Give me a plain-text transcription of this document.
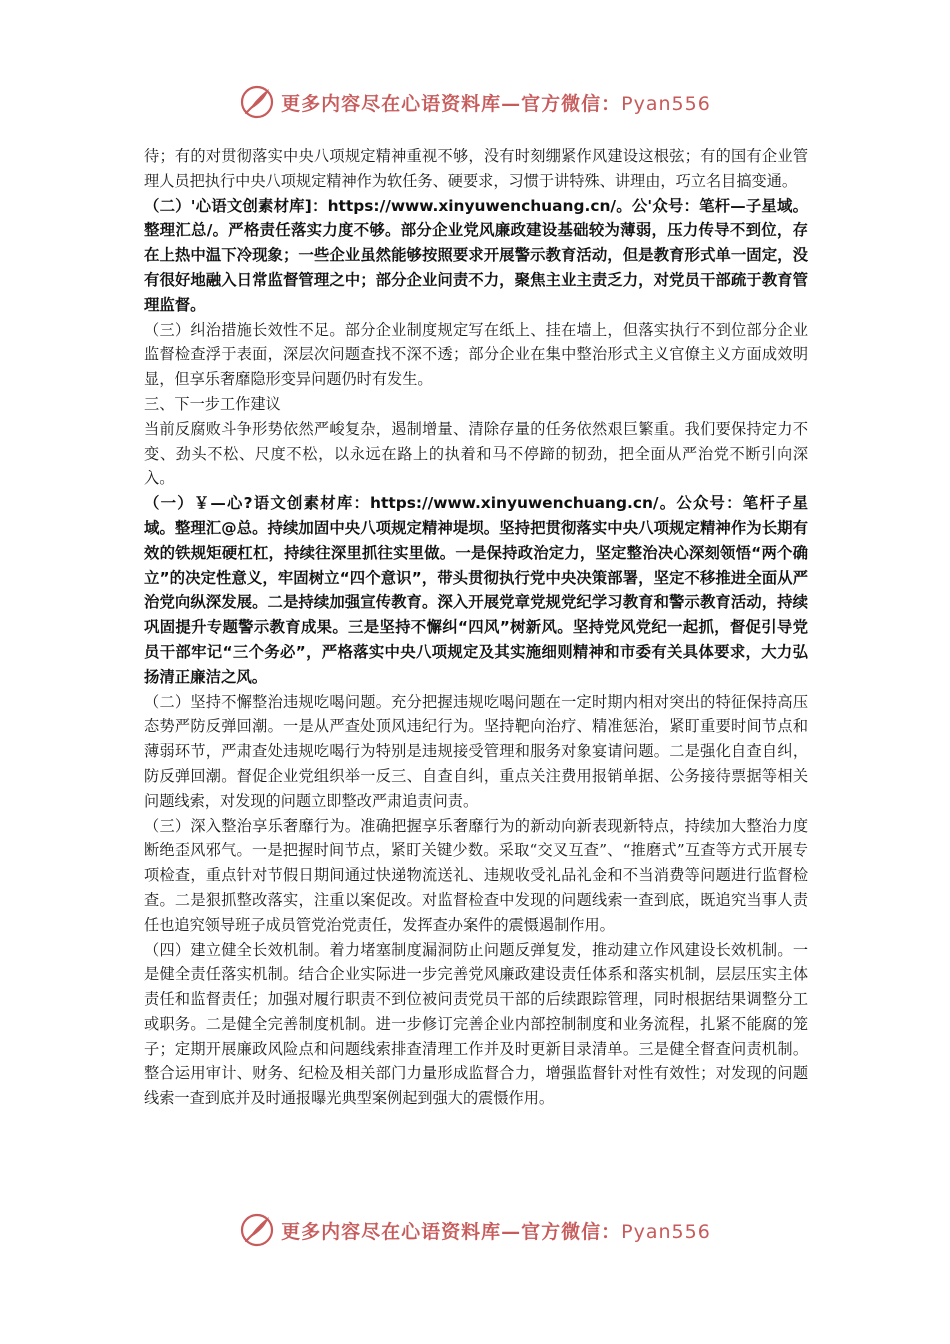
更多内容尽在心语资料库—官方微信：Pyan556

待；有的对贯彻落实中央八项规定精神重视不够，没有时刻绷紧作风建设这根弦；有的国有企业管理人员把执行中央八项规定精神作为软任务、硬要求，习惯于讲特殊、讲理由，巧立名目搞变通。

（二）'心语文创素材库]：https://www.xinyuwenchuang.cn/。公'众号：笔杆—子星域。整理汇总/。严格责任落实力度不够。部分企业党风廉政建设基础较为薄弱，压力传导不到位，存在上热中温下冷现象；一些企业虽然能够按照要求开展警示教育活动，但是教育形式单一固定，没有很好地融入日常监督管理之中；部分企业问责不力，聚焦主业主责乏力，对党员干部疏于教育管理监督。

（三）纠治措施长效性不足。部分企业制度规定写在纸上、挂在墙上，但落实执行不到位部分企业监督检查浮于表面，深层次问题查找不深不透；部分企业在集中整治形式主义官僚主义方面成效明显，但享乐奢靡隐形变异问题仍时有发生。

三、下一步工作建议

当前反腐败斗争形势依然严峻复杂，遏制增量、清除存量的任务依然艰巨繁重。我们要保持定力不变、劲头不松、尺度不松，以永远在路上的执着和马不停蹄的韧劲，把全面从严治党不断引向深入。

（一）￥—心?语文创素材库：https://www.xinyuwenchuang.cn/。公众号：笔杆子星域。整理汇@总。持续加固中央八项规定精神堤坝。坚持把贯彻落实中央八项规定精神作为长期有效的铁规矩硬杠杠，持续往深里抓往实里做。一是保持政治定力，坚定整治决心深刻领悟“两个确立”的决定性意义，牢固树立“四个意识”，带头贯彻执行党中央决策部署，坚定不移推进全面从严治党向纵深发展。二是持续加强宣传教育。深入开展党章党规党纪学习教育和警示教育活动，持续巩固提升专题警示教育成果。三是坚持不懈纠“四风”树新风。坚持党风党纪一起抓，督促引导党员干部牢记“三个务必”，严格落实中央八项规定及其实施细则精神和市委有关具体要求，大力弘扬清正廉洁之风。

（二）坚持不懈整治违规吃喝问题。充分把握违规吃喝问题在一定时期内相对突出的特征保持高压态势严防反弹回潮。一是从严查处顶风违纪行为。坚持靶向治疗、精准惩治，紧盯重要时间节点和薄弱环节，严肃查处违规吃喝行为特别是违规接受管理和服务对象宴请问题。二是强化自查自纠，防反弹回潮。督促企业党组织举一反三、自查自纠，重点关注费用报销单据、公务接待票据等相关问题线索，对发现的问题立即整改严肃追责问责。

（三）深入整治享乐奢靡行为。准确把握享乐奢靡行为的新动向新表现新特点，持续加大整治力度断绝歪风邪气。一是把握时间节点，紧盯关键少数。采取“交叉互查”、“推磨式”互查等方式开展专项检查，重点针对节假日期间通过快递物流送礼、违规收受礼品礼金和不当消费等问题进行监督检查。二是狠抓整改落实，注重以案促改。对监督检查中发现的问题线索一查到底，既追究当事人责任也追究领导班子成员管党治党责任，发挥查办案件的震慑遏制作用。

（四）建立健全长效机制。着力堵塞制度漏洞防止问题反弹复发，推动建立作风建设长效机制。一是健全责任落实机制。结合企业实际进一步完善党风廉政建设责任体系和落实机制，层层压实主体责任和监督责任；加强对履行职责不到位被问责党员干部的后续跟踪管理，同时根据结果调整分工或职务。二是健全完善制度机制。进一步修订完善企业内部控制制度和业务流程，扎紧不能腐的笼子；定期开展廉政风险点和问题线索排查清理工作并及时更新目录清单。三是健全督查问责机制。整合运用审计、财务、纪检及相关部门力量形成监督合力，增强监督针对性有效性；对发现的问题线索一查到底并及时通报曝光典型案例起到强大的震慑作用。

更多内容尽在心语资料库—官方微信：Pyan556
